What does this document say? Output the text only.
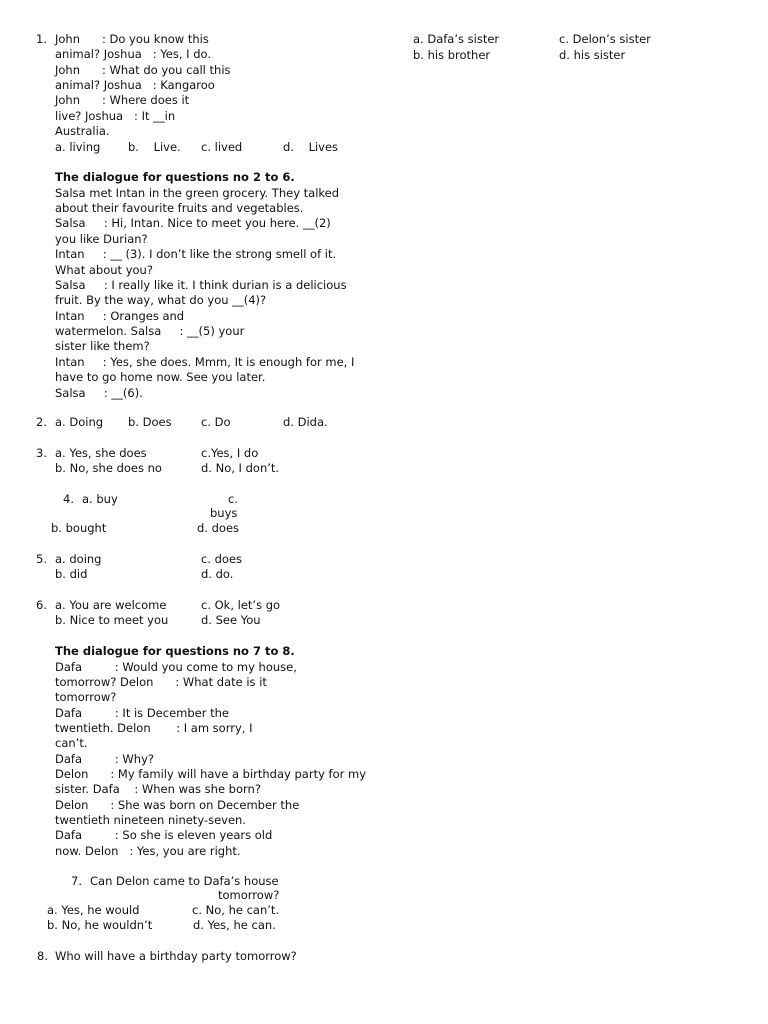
1. John      : Do you know this
animal? Joshua   : Yes, I do.
John      : What do you call this
animal? Joshua   : Kangaroo
John      : Where does it
live? Joshua   : It __in
Australia.
a. living b.    Live. c. lived	d.    Lives
The dialogue for questions no 2 to 6.
Salsa met Intan in the green grocery. They talked
about their favourite fruits and vegetables.
Salsa     : Hi, Intan. Nice to meet you here. __(2)
you like Durian?
Intan     : __ (3). I don’t like the strong smell of it.
What about you?
Salsa     : I really like it. I think durian is a delicious
fruit. By the way, what do you __(4)?
Intan     : Oranges and
watermelon. Salsa     : __(5) your
sister like them?
Intan     : Yes, she does. Mmm, It is enough for me, I
have to go home now. See you later.
Salsa     : __(6).
2. a. Doing b. Does	c. Do	d. Dida.
3. a. Yes, she does	c.Yes, I do
b. No, she does no	d. No, I don’t.
4. a. buy	c.
buys
b. bought	d. does
5. a. doing	c. does
b. did	d. do.
6. a. You are welcome	c. Ok, let’s go
b. Nice to meet you	d. See You
The dialogue for questions no 7 to 8.
Dafa         : Would you come to my house,
tomorrow? Delon      : What date is it
tomorrow?
Dafa         : It is December the
twentieth. Delon       : I am sorry, I
can’t.
Dafa         : Why?
Delon      : My family will have a birthday party for my
sister. Dafa    : When was she born?
Delon      : She was born on December the
twentieth nineteen ninety-seven.
Dafa         : So she is eleven years old
now. Delon   : Yes, you are right.
7. Can Delon came to Dafa’s house
tomorrow?
a. Yes, he would	c. No, he can’t.
b. No, he wouldn’t	d. Yes, he can.
8. Who will have a birthday party tomorrow?
a. Dafa’s sister	c. Delon’s sister
b. his brother	d. his sister
